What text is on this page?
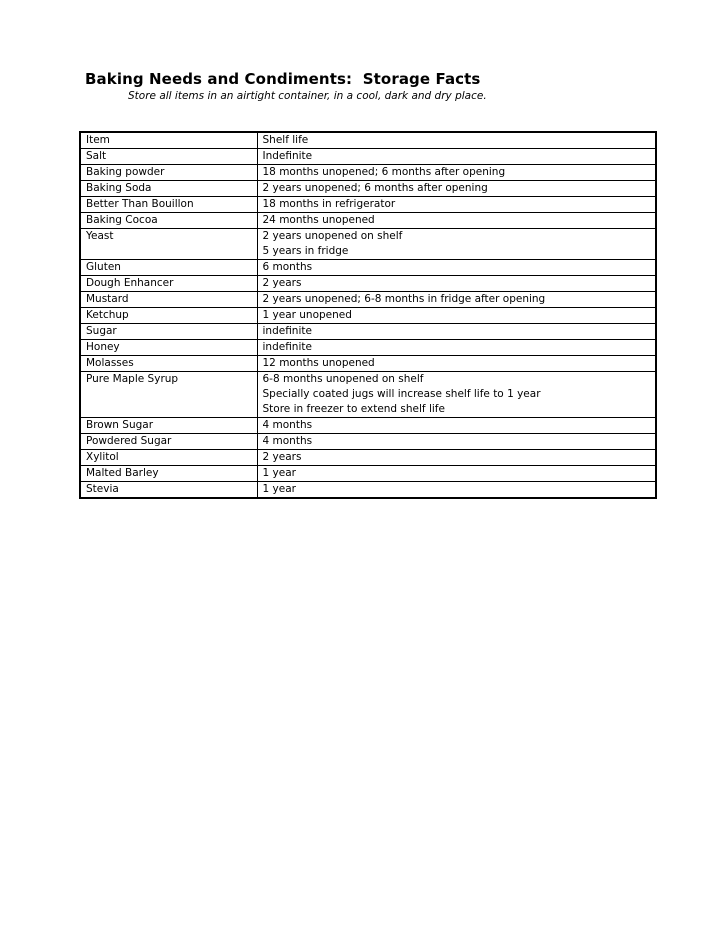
Baking Needs and Condiments:  Storage Facts
Store all items in an airtight container, in a cool, dark and dry place.
Item	Shelf life

Salt	Indefinite

Baking powder	18 months unopened; 6 months after opening

Baking Soda	2 years unopened; 6 months after opening

Better Than Bouillon	18 months in refrigerator

Baking Cocoa	24 months unopened

Yeast	2 years unopened on shelf
5 years in fridge

Gluten	6 months

Dough Enhancer	2 years

Mustard	2 years unopened; 6-8 months in fridge after opening

Ketchup	1 year unopened

Sugar	indefinite

Honey	indefinite

Molasses	12 months unopened

Pure Maple Syrup	6-8 months unopened on shelf
Specially coated jugs will increase shelf life to 1 year
Store in freezer to extend shelf life

Brown Sugar	4 months

Powdered Sugar	4 months

Xylitol	2 years

Malted Barley	1 year

Stevia	1 year
